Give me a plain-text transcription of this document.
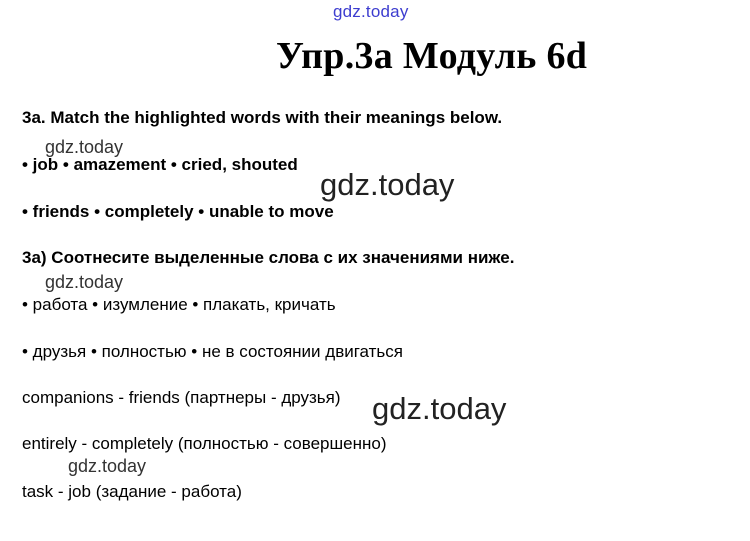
gdz.today
Упр.3а Модуль 6d
3a. Match the highlighted words with their meanings below.
gdz.today
• job • amazement • cried, shouted
gdz.today
• friends • completely • unable to move
3а) Соотнесите выделенные слова с их значениями ниже.
gdz.today
• работа • изумление • плакать, кричать
• друзья • полностью • не в состоянии двигаться
companions - friends (партнеры - друзья) gdz.today
entirely - completely (полностью - совершенно)
gdz.today
task - job (задание - работа)
